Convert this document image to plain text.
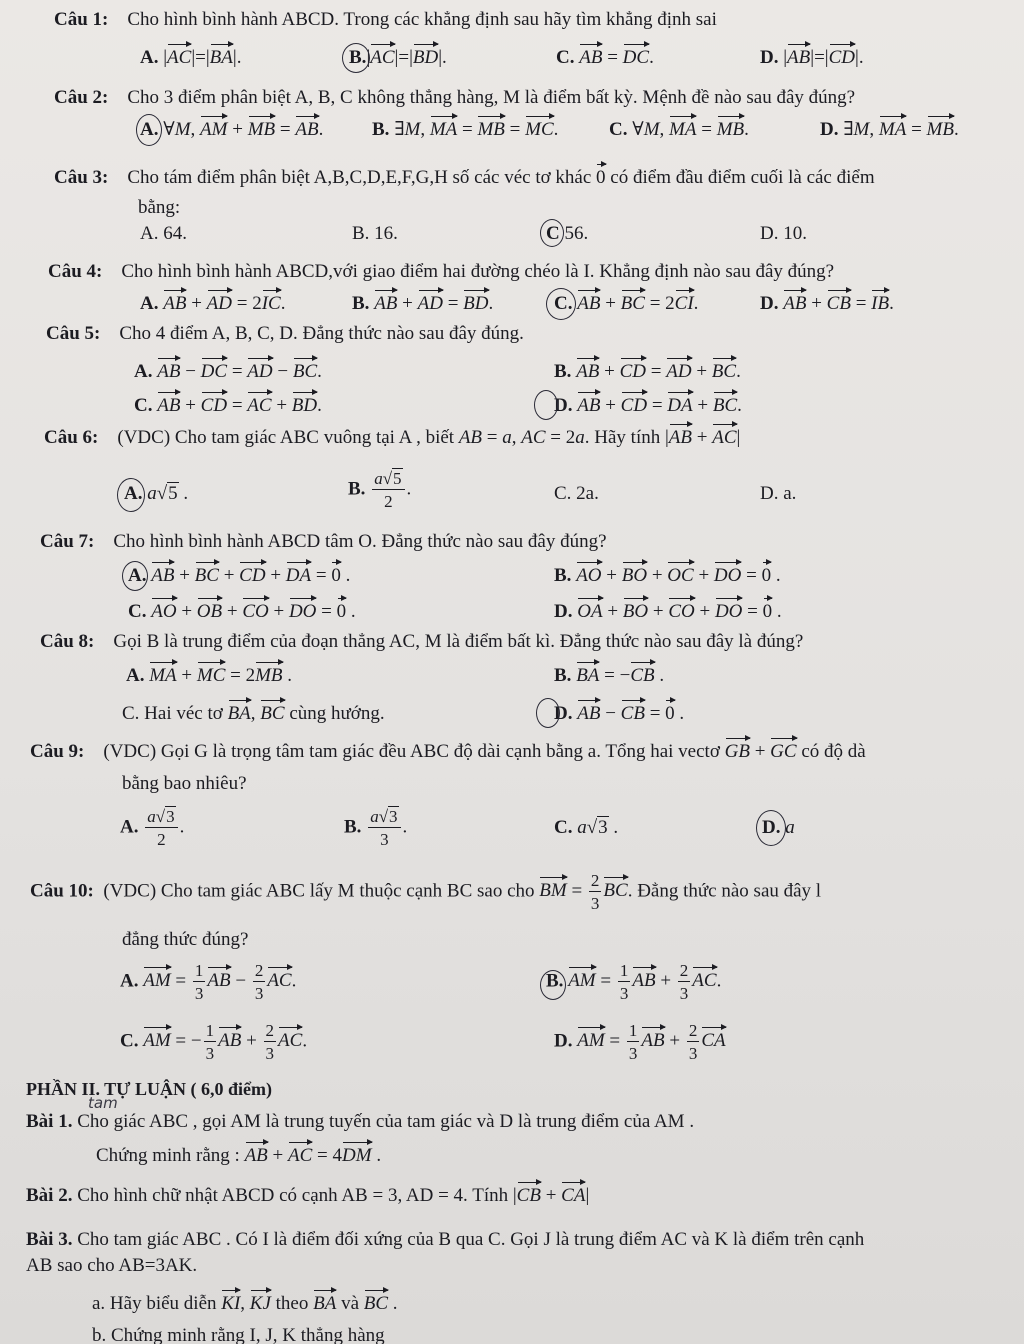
Câu 1: Cho hình bình hành ABCD. Trong các khẳng định sau hãy tìm khẳng định sai
A. |AC|=|BA|.	B.|AC|=|BD|.	C. AB = DC.	D. |AB|=|CD|.
Câu 2: Cho 3 điểm phân biệt A, B, C không thẳng hàng, M là điểm bất kỳ. Mệnh đề nào sau đây đúng?
A. ∀M, AM + MB = AB.	B. ∃M, MA = MB = MC.	C. ∀M, MA = MB.	D. ∃M, MA = MB.
Câu 3: Cho tám điểm phân biệt A,B,C,D,E,F,G,H số các véc tơ khác 0 có điểm đầu điểm cuối là các điểm
bằng:
A. 64.	B. 16.	C 56.	D. 10.
Câu 4: Cho hình bình hành ABCD,với giao điểm hai đường chéo là I. Khẳng định nào sau đây đúng?
A. AB + AD = 2IC.	B. AB + AD = BD.	C. AB + BC = 2CI.	D. AB + CB = IB.
Câu 5: Cho 4 điểm A, B, C, D. Đẳng thức nào sau đây đúng.
A. AB − DC = AD − BC.	B. AB + CD = AD + BC.
C. AB + CD = AC + BD.	D. AB + CD = DA + BC.
Câu 6: (VDC) Cho tam giác ABC vuông tại A , biết AB = a, AC = 2a. Hãy tính |AB + AC|
A. a√5 .	B. $\frac{a√5}{2}$ .	C. 2a.	D. a.
Câu 7: Cho hình bình hành ABCD tâm O. Đẳng thức nào sau đây đúng?
A. AB + BC + CD + DA = 0 .	B. AO + BO + OC + DO = 0 .
C. AO + OB + CO + DO = 0 .	D. OA + BO + CO + DO = 0 .
Câu 8: Gọi B là trung điểm của đoạn thẳng AC, M là điểm bất kì. Đẳng thức nào sau đây là đúng?
A. MA + MC = 2MB .	B. BA = −CB .
C. Hai véc tơ BA, BC cùng hướng.	D. AB − CB = 0 .
Câu 9: (VDC) Gọi G là trọng tâm tam giác đều ABC độ dài cạnh bằng a. Tổng hai vectơ GB + GC có độ dà
bằng bao nhiêu?
A. $\frac{a√3}{2}$ .	B. $\frac{a√3}{3}$ .	C. a√3 .	D. a
Câu 10: (VDC) Cho tam giác ABC lấy M thuộc cạnh BC sao cho BM = $\frac{2}{3}$ BC. Đẳng thức nào sau đây l
đẳng thức đúng?
A. AM = $\frac{1}{3}$ AB − $\frac{2}{3}$ AC.	B. AM = $\frac{1}{3}$ AB + $\frac{2}{3}$ AC.
C. AM = − $\frac{1}{3}$ AB + $\frac{2}{3}$ AC.	D. AM = $\frac{1}{3}$ AB + $\frac{2}{3}$ CA
PHẦN II. TỰ LUẬN ( 6,0 điểm)
tam
Bài 1. Cho giác ABC , gọi AM là trung tuyến của tam giác và D là trung điểm của AM .
Chứng minh rằng : AB + AC = 4DM .
Bài 2. Cho hình chữ nhật ABCD có cạnh AB = 3, AD = 4. Tính |CB + CA|
Bài 3. Cho tam giác ABC . Có I là điểm đối xứng của B qua C. Gọi J là trung điểm AC và K là điểm trên cạnh
AB sao cho AB=3AK.
a. Hãy biểu diễn KI, KJ theo BA và BC .
b. Chứng minh rằng I, J, K thẳng hàng
